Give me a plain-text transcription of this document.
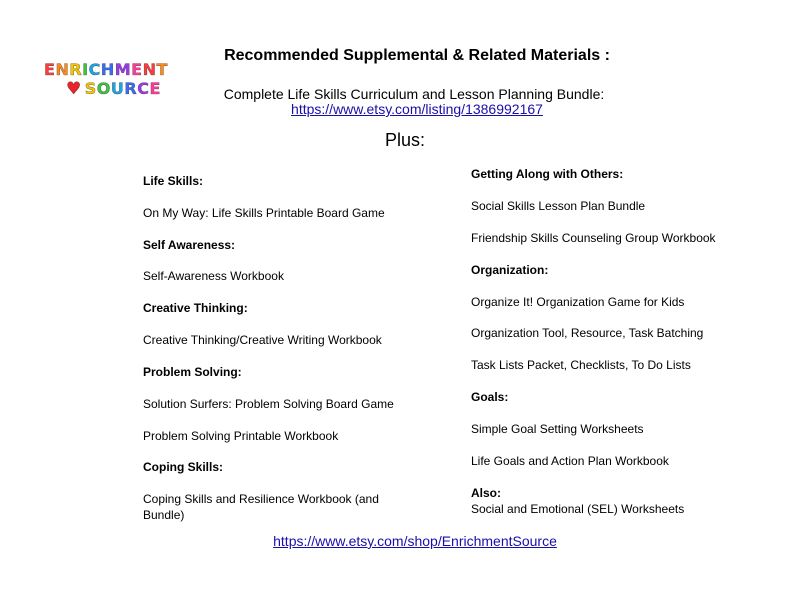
ENRICHMENT
♥ SOURCE
Recommended Supplemental & Related Materials :
Complete Life Skills Curriculum and Lesson Planning Bundle:
https://www.etsy.com/listing/1386992167
Plus:
Life Skills:
On My Way: Life Skills Printable Board Game
Self Awareness:
Self-Awareness Workbook
Creative Thinking:
Creative Thinking/Creative Writing Workbook
Problem Solving:
Solution Surfers: Problem Solving Board Game
Problem Solving Printable Workbook
Coping Skills:
Coping Skills and Resilience Workbook (and
Bundle)
Getting Along with Others:
Social Skills Lesson Plan Bundle
Friendship Skills Counseling Group Workbook
Organization:
Organize It! Organization Game for Kids
Organization Tool, Resource, Task Batching
Task Lists Packet, Checklists, To Do Lists
Goals:
Simple Goal Setting Worksheets
Life Goals and Action Plan Workbook
Also:
Social and Emotional (SEL) Worksheets
https://www.etsy.com/shop/EnrichmentSource
